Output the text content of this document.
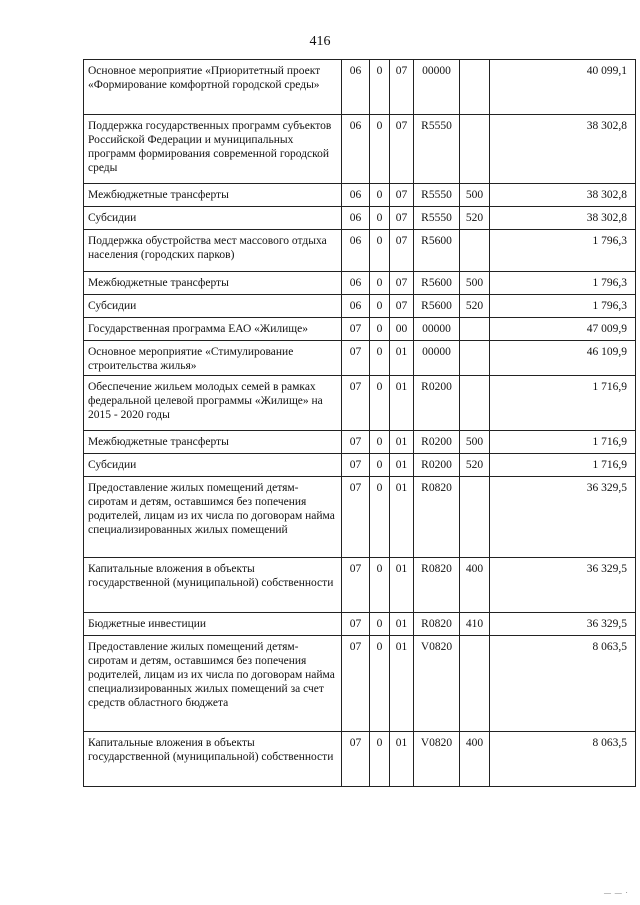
416
Основное мероприятие «Приоритетный проект «Формирование комфортной городской среды»	06	0	07	00000		40 099,1
Поддержка государственных программ субъектов Российской Федерации и муниципальных программ формирования современной городской среды	06	0	07	R5550		38 302,8
Межбюджетные трансферты	06	0	07	R5550	500	38 302,8
Субсидии	06	0	07	R5550	520	38 302,8
Поддержка обустройства мест массового отдыха населения (городских парков)	06	0	07	R5600		1 796,3
Межбюджетные трансферты	06	0	07	R5600	500	1 796,3
Субсидии	06	0	07	R5600	520	1 796,3
Государственная программа ЕАО «Жилище»	07	0	00	00000		47 009,9
Основное мероприятие «Стимулирование строительства жилья»	07	0	01	00000		46 109,9
Обеспечение жильем молодых семей в рамках федеральной целевой программы «Жилище» на 2015 - 2020 годы	07	0	01	R0200		1 716,9
Межбюджетные трансферты	07	0	01	R0200	500	1 716,9
Субсидии	07	0	01	R0200	520	1 716,9
Предоставление жилых помещений детям-сиротам и детям, оставшимся без попечения родителей, лицам из их числа по договорам найма специализированных жилых помещений	07	0	01	R0820		36 329,5
Капитальные вложения в объекты государственной (муниципальной) собственности	07	0	01	R0820	400	36 329,5
Бюджетные инвестиции	07	0	01	R0820	410	36 329,5
Предоставление жилых помещений детям-сиротам и детям, оставшимся без попечения родителей, лицам из их числа по договорам найма специализированных жилых помещений за счет средств областного бюджета	07	0	01	V0820		8 063,5
Капитальные вложения в объекты государственной (муниципальной) собственности	07	0	01	V0820	400	8 063,5
— — ·
